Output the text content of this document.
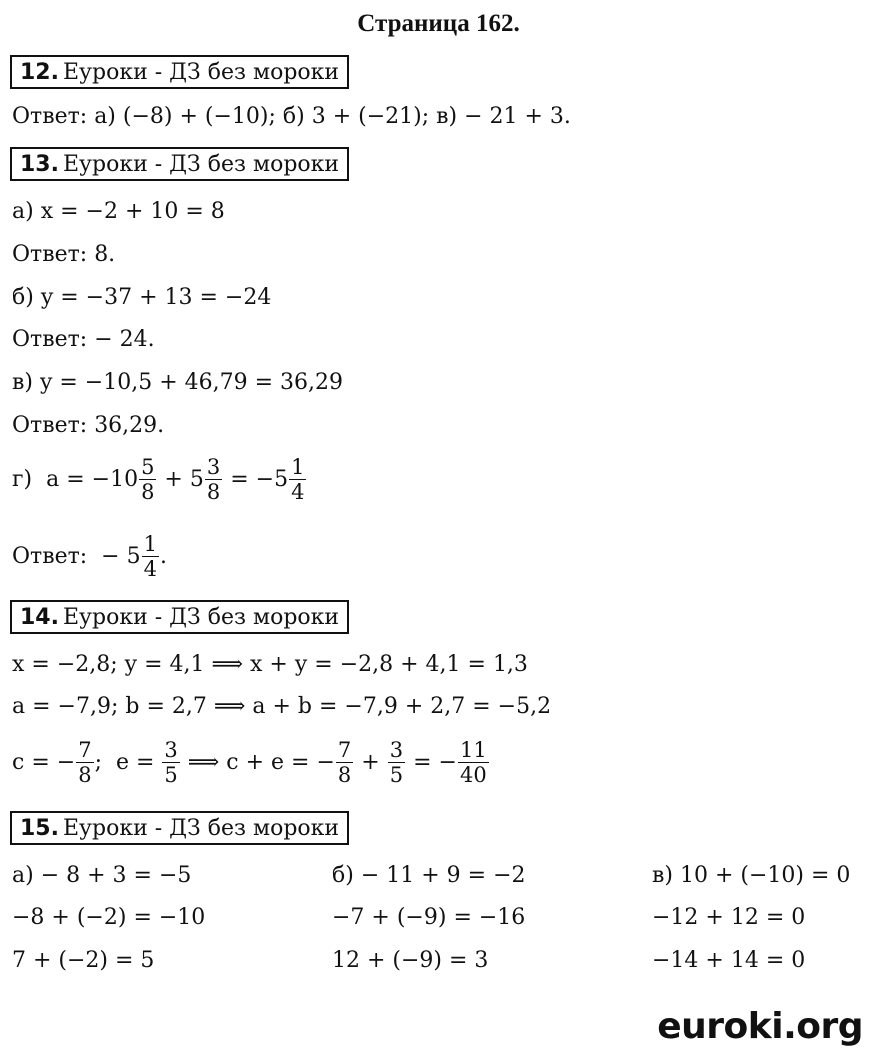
Страница 162.
12. Еуроки - ДЗ без мороки
Ответ: а) (−8) + (−10); б) 3 + (−21); в) − 21 + 3.
13. Еуроки - ДЗ без мороки
а) x = −2 + 10 = 8
Ответ: 8.
б) y = −37 + 13 = −24
Ответ: − 24.
в) y = −10,5 + 46,79 = 36,29
Ответ: 36,29.
г)  $a = -10 \frac{5}{8} + 5 \frac{3}{8} = -5 \frac{1}{4}$
Ответ:  − $5 \frac{1}{4}$ .
14. Еуроки - ДЗ без мороки
x = −2,8; y = 4,1 ⟹ x + y = −2,8 + 4,1 = 1,3
a = −7,9; b = 2,7 ⟹ a + b = −7,9 + 2,7 = −5,2
c = − $\frac{7}{8}$ ;  $e = \frac{3}{5}$ ⟹ c + e = − $\frac{7}{8} + \frac{3}{5}$ = − $\frac{11}{40}$
15. Еуроки - ДЗ без мороки
а) − 8 + 3 = −5
−8 + (−2) = −10
7 + (−2) = 5
б) − 11 + 9 = −2
−7 + (−9) = −16
12 + (−9) = 3
в) 10 + (−10) = 0
−12 + 12 = 0
−14 + 14 = 0
euroki.org
